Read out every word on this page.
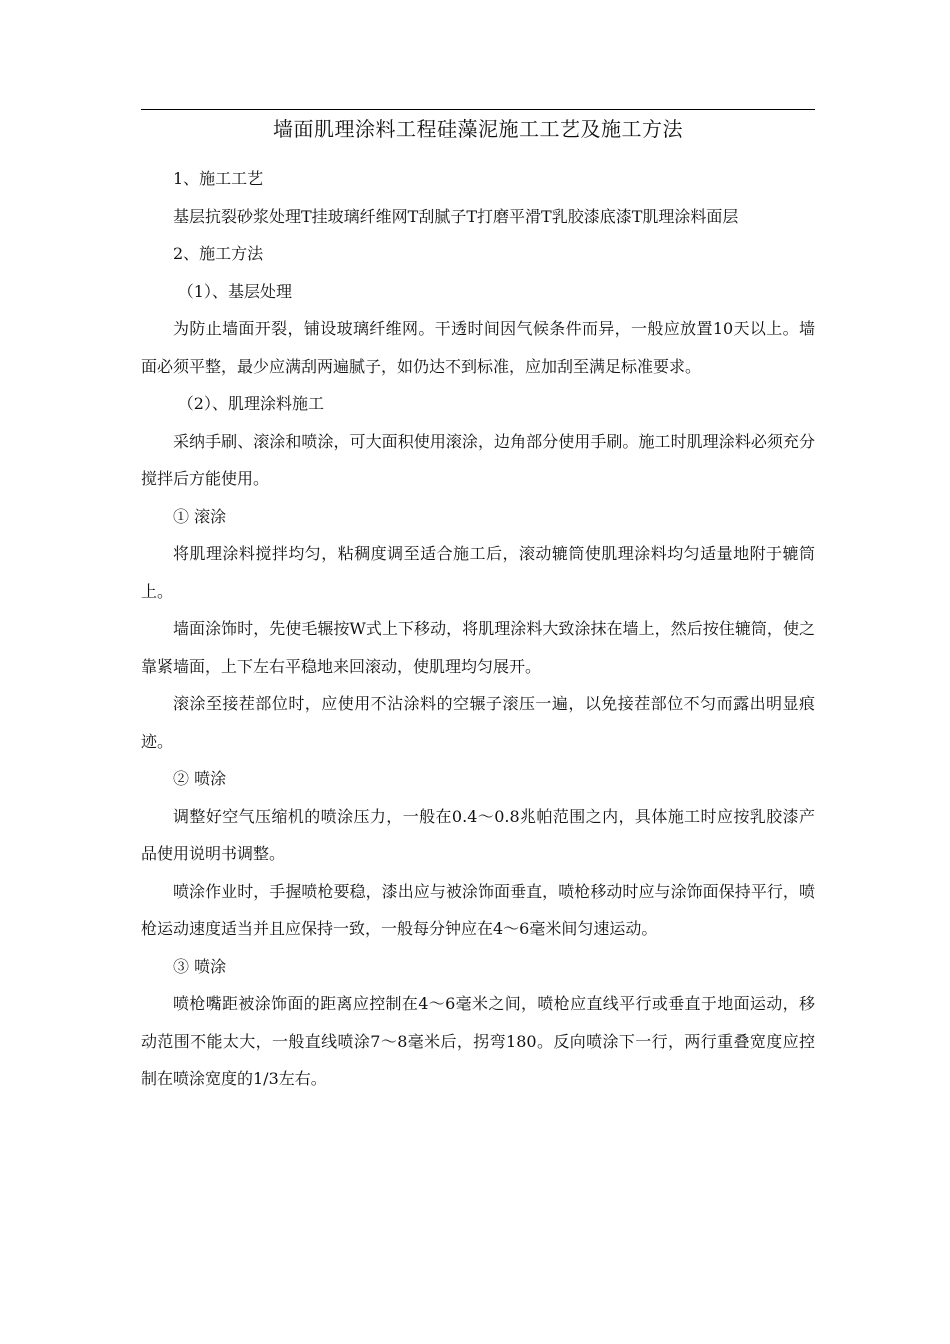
墙面肌理涂料工程硅藻泥施工工艺及施工方法

1、施工工艺

基层抗裂砂浆处理T挂玻璃纤维网T刮腻子T打磨平滑T乳胶漆底漆T肌理涂料面层

2、施工方法

（1）、基层处理

为防止墙面开裂，铺设玻璃纤维网。干透时间因气候条件而异，一般应放置10天以上。墙面必须平整，最少应满刮两遍腻子，如仍达不到标准，应加刮至满足标准要求。

（2）、肌理涂料施工

采纳手刷、滚涂和喷涂，可大面积使用滚涂，边角部分使用手刷。施工时肌理涂料必须充分搅拌后方能使用。

① 滚涂

将肌理涂料搅拌均匀，粘稠度调至适合施工后，滚动辘筒使肌理涂料均匀适量地附于辘筒上。

墙面涂饰时，先使毛辗按W式上下移动，将肌理涂料大致涂抹在墙上，然后按住辘筒，使之靠紧墙面，上下左右平稳地来回滚动，使肌理均匀展开。

滚涂至接茬部位时，应使用不沾涂料的空辗子滚压一遍，以免接茬部位不匀而露出明显痕迹。

② 喷涂

调整好空气压缩机的喷涂压力，一般在0.4〜0.8兆帕范围之内，具体施工时应按乳胶漆产品使用说明书调整。

喷涂作业时，手握喷枪要稳，漆出应与被涂饰面垂直，喷枪移动时应与涂饰面保持平行，喷枪运动速度适当并且应保持一致，一般每分钟应在4〜6毫米间匀速运动。

③ 喷涂

喷枪嘴距被涂饰面的距离应控制在4〜6毫米之间，喷枪应直线平行或垂直于地面运动，移动范围不能太大，一般直线喷涂7〜8毫米后，拐弯180。反向喷涂下一行，两行重叠宽度应控制在喷涂宽度的1/3左右。
